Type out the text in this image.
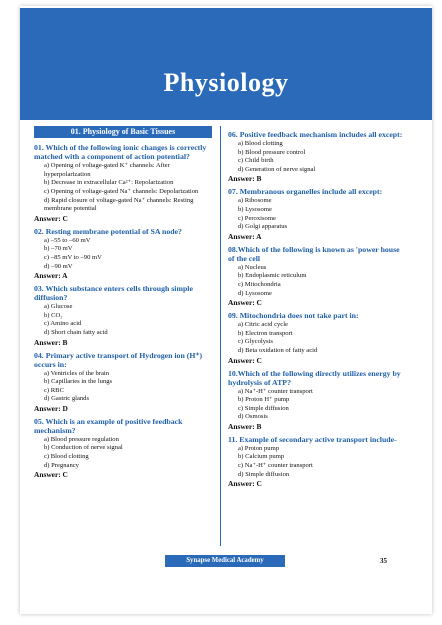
Physiology
01. Physiology of Basic Tissues
01. Which of the following ionic changes is correctly matched with a component of action potential?
a) Opening of voltage-gated K⁺ channels: After hyperpolarization
b) Decrease in extracellular Ca²⁺: Repolarization
c) Opening of voltage-gated Na⁺ channels: Depolarization
d) Rapid closure of voltage-gated Na⁺ channels: Resting membrane potential
Answer: C
02. Resting membrane potential of SA node?
a) –55 to –60 mV
b) –70 mV
c) –85 mV to –90 mV
d) –90 mV
Answer: A
03. Which substance enters cells through simple diffusion?
a) Glucose
b) CO₂
c) Amino acid
d) Short chain fatty acid
Answer: B
04. Primary active transport of Hydrogen ion (H⁺) occurs in:
a) Ventricles of the brain
b) Capillaries in the lungs
c) RBC
d) Gastric glands
Answer: D
05. Which is an example of positive feedback mechanism?
a) Blood pressure regulation
b) Conduction of nerve signal
c) Blood clotting
d) Pregnancy
Answer: C
06. Positive feedback mechanism includes all except:
a) Blood clotting
b) Blood pressure control
c) Child birth
d) Generation of nerve signal
Answer: B
07. Membranous organelles include all except:
a) Ribosome
b) Lysosome
c) Peroxisome
d) Golgi apparatus
Answer: A
08.Which of the following is known as 'power house of the cell
a) Nucleus
b) Endoplasmic reticulum
c) Mitochondria
d) Lysosome
Answer: C
09. Mitochondria does not take part in:
a) Citric acid cycle
b) Electron transport
c) Glycolysis
d) Beta oxidation of fatty acid
Answer: C
10.Which of the following directly utilizes energy by hydrolysis of ATP?
a) Na⁺-H⁺ counter transport
b) Proton H⁺ pump
c) Simple diffusion
d) Osmosis
Answer: B
11. Example of secondary active transport include-
a) Proton pump
b) Calcium pump
c) Na⁺-H⁺ counter transport
d) Simple diffusion
Answer: C
Synapse Medical Academy	35
